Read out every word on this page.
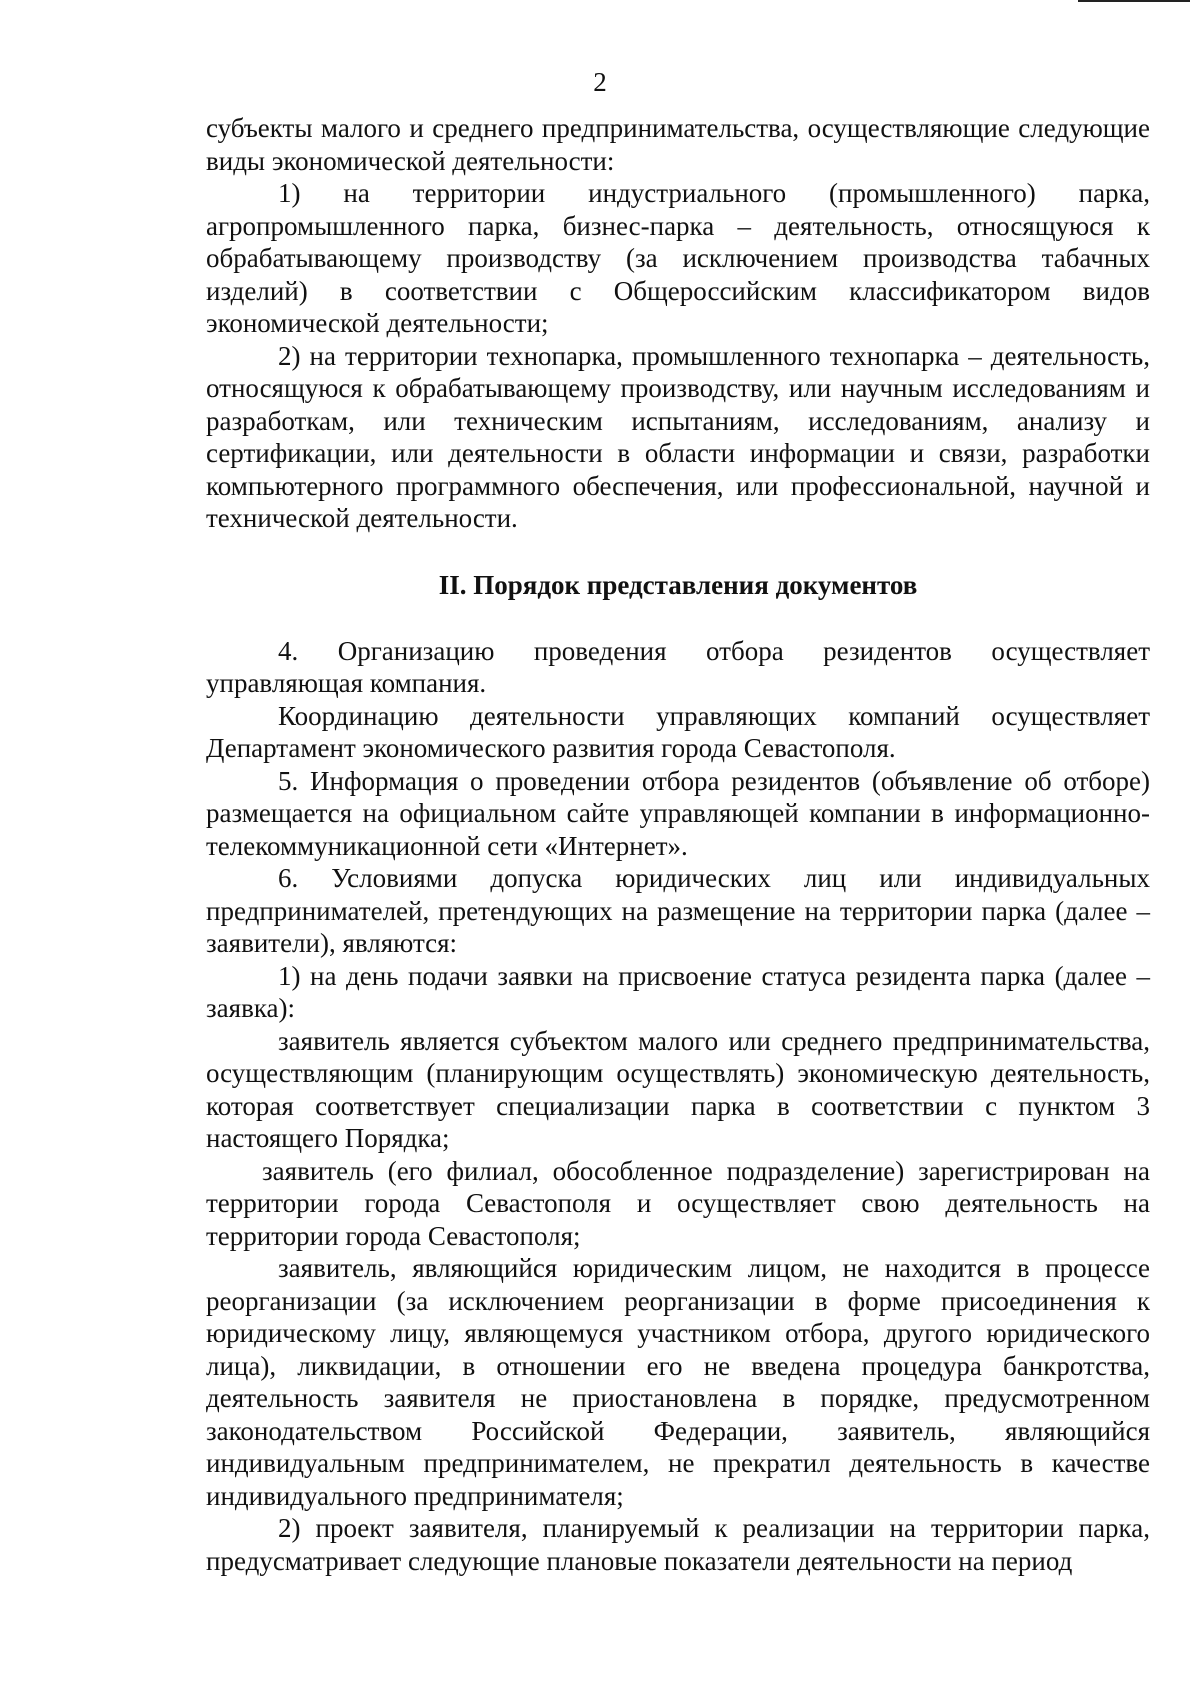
2

субъекты малого и среднего предпринимательства, осуществляющие следующие виды экономической деятельности:

1) на территории индустриального (промышленного) парка, агропромышленного парка, бизнес-парка – деятельность, относящуюся к обрабатывающему производству (за исключением производства табачных изделий) в соответствии с Общероссийским классификатором видов экономической деятельности;

2) на территории технопарка, промышленного технопарка – деятельность, относящуюся к обрабатывающему производству, или научным исследованиям и разработкам, или техническим испытаниям, исследованиям, анализу и сертификации, или деятельности в области информации и связи, разработки компьютерного программного обеспечения, или профессиональной, научной и технической деятельности.

II. Порядок представления документов

4. Организацию проведения отбора резидентов осуществляет управляющая компания.

Координацию деятельности управляющих компаний осуществляет Департамент экономического развития города Севастополя.

5. Информация о проведении отбора резидентов (объявление об отборе) размещается на официальном сайте управляющей компании в информационно-телекоммуникационной сети «Интернет».

6. Условиями допуска юридических лиц или индивидуальных предпринимателей, претендующих на размещение на территории парка (далее – заявители), являются:

1) на день подачи заявки на присвоение статуса резидента парка (далее – заявка):

заявитель является субъектом малого или среднего предпринимательства, осуществляющим (планирующим осуществлять) экономическую деятельность, которая соответствует специализации парка в соответствии с пунктом 3 настоящего Порядка;

заявитель (его филиал, обособленное подразделение) зарегистрирован на территории города Севастополя и осуществляет свою деятельность на территории города Севастополя;

заявитель, являющийся юридическим лицом, не находится в процессе реорганизации (за исключением реорганизации в форме присоединения к юридическому лицу, являющемуся участником отбора, другого юридического лица), ликвидации, в отношении его не введена процедура банкротства, деятельность заявителя не приостановлена в порядке, предусмотренном законодательством Российской Федерации, заявитель, являющийся индивидуальным предпринимателем, не прекратил деятельность в качестве индивидуального предпринимателя;

2) проект заявителя, планируемый к реализации на территории парка, предусматривает следующие плановые показатели деятельности на период
